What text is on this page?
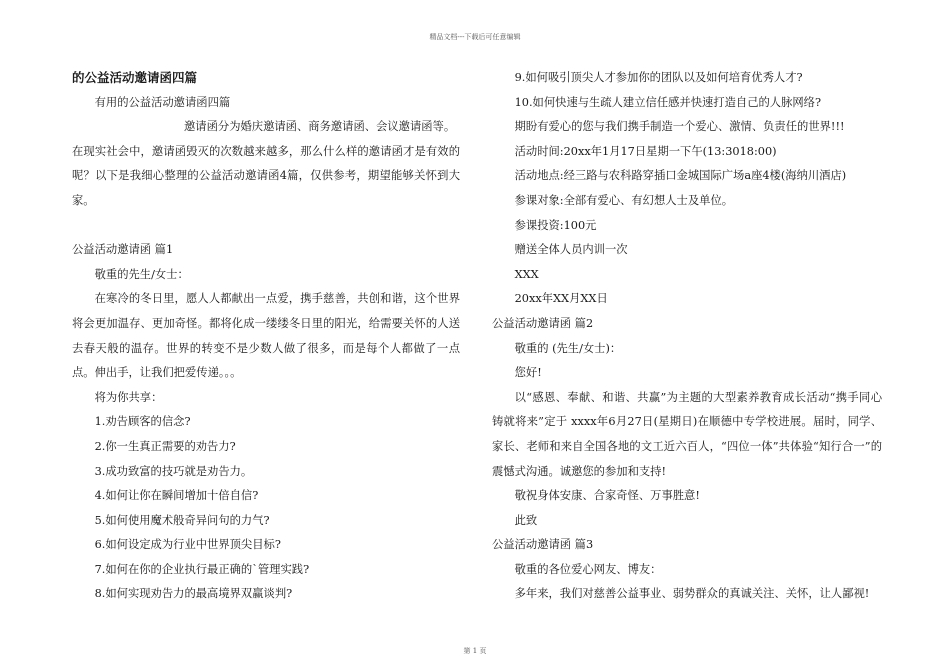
精品文档---下载后可任意编辑

的公益活动邀请函四篇

有用的公益活动邀请函四篇

邀请函分为婚庆邀请函、商务邀请函、会议邀请函等。

在现实社会中，邀请函毁灭的次数越来越多，那么什么样的邀请函才是有效的呢？以下是我细心整理的公益活动邀请函4篇，仅供参考，期望能够关怀到大家。

公益活动邀请函 篇1

敬重的先生/女士：

在寒冷的冬日里，愿人人都献出一点爱，携手慈善，共创和谐，这个世界将会更加温存、更加奇怪。都将化成一缕缕冬日里的阳光，给需要关怀的人送去春天般的温存。世界的转变不是少数人做了很多，而是每个人都做了一点点。伸出手，让我们把爱传递。。。

将为你共享：

1.劝告顾客的信念?

2.你一生真正需要的劝告力?

3.成功致富的技巧就是劝告力。

4.如何让你在瞬间增加十倍自信?

5.如何使用魔术般奇异问句的力气?

6.如何设定成为行业中世界顶尖目标?

7.如何在你的企业执行最正确的`管理实践?

8.如何实现劝告力的最高境界双赢谈判?

9.如何吸引顶尖人才参加你的团队以及如何培育优秀人才?

10.如何快速与生疏人建立信任感并快速打造自己的人脉网络?

期盼有爱心的您与我们携手制造一个爱心、激情、负责任的世界!!!

活动时间:20xx年1月17日星期一下午(13:3018:00)

活动地点:经三路与农科路穿插口金城国际广场a座4楼(海纳川酒店)

参课对象:全部有爱心、有幻想人士及单位。

参课投资:100元

赠送全体人员内训一次

XXX

20xx年XX月XX日

公益活动邀请函 篇2

敬重的 (先生/女士)：

您好!

以“感恩、奉献、和谐、共赢”为主题的大型素养教育成长活动“携手同心 铸就将来”定于 xxxx年6月27日(星期日)在顺德中专学校进展。届时，同学、家长、老师和来自全国各地的文工近六百人，“四位一体”共体验“知行合一”的震憾式沟通。诚邀您的参加和支持!

敬祝身体安康、合家奇怪、万事胜意!

此致

公益活动邀请函 篇3

敬重的各位爱心网友、博友：

多年来，我们对慈善公益事业、弱势群众的真诚关注、关怀，让人鄙视!

第 1 页
